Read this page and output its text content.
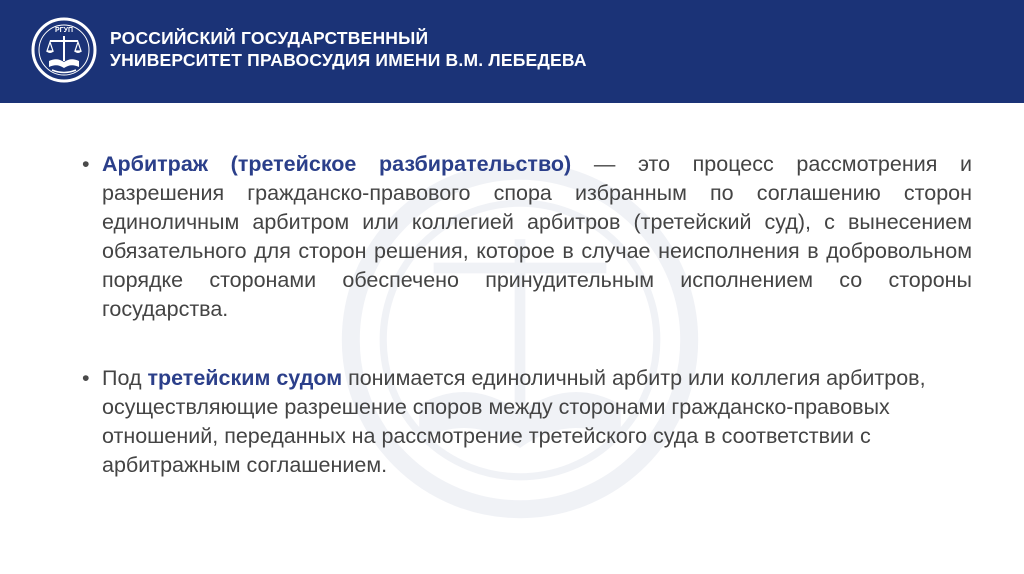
РГУП РОССИЙСКИЙ ГОСУДАРСТВЕННЫЙ
УНИВЕРСИТЕТ ПРАВОСУДИЯ ИМЕНИ В.М. ЛЕБЕДЕВА
• Арбитраж (третейское разбирательство) — это процесс рассмотрения и разрешения гражданско-правового спора избранным по соглашению сторон единоличным арбитром или коллегией арбитров (третейский суд), с вынесением обязательного для сторон решения, которое в случае неисполнения в добровольном порядке сторонами обеспечено принудительным исполнением со стороны государства.
• Под третейским судом понимается единоличный арбитр или коллегия арбитров, осуществляющие разрешение споров между сторонами гражданско-правовых отношений, переданных на рассмотрение третейского суда в соответствии с арбитражным соглашением.
